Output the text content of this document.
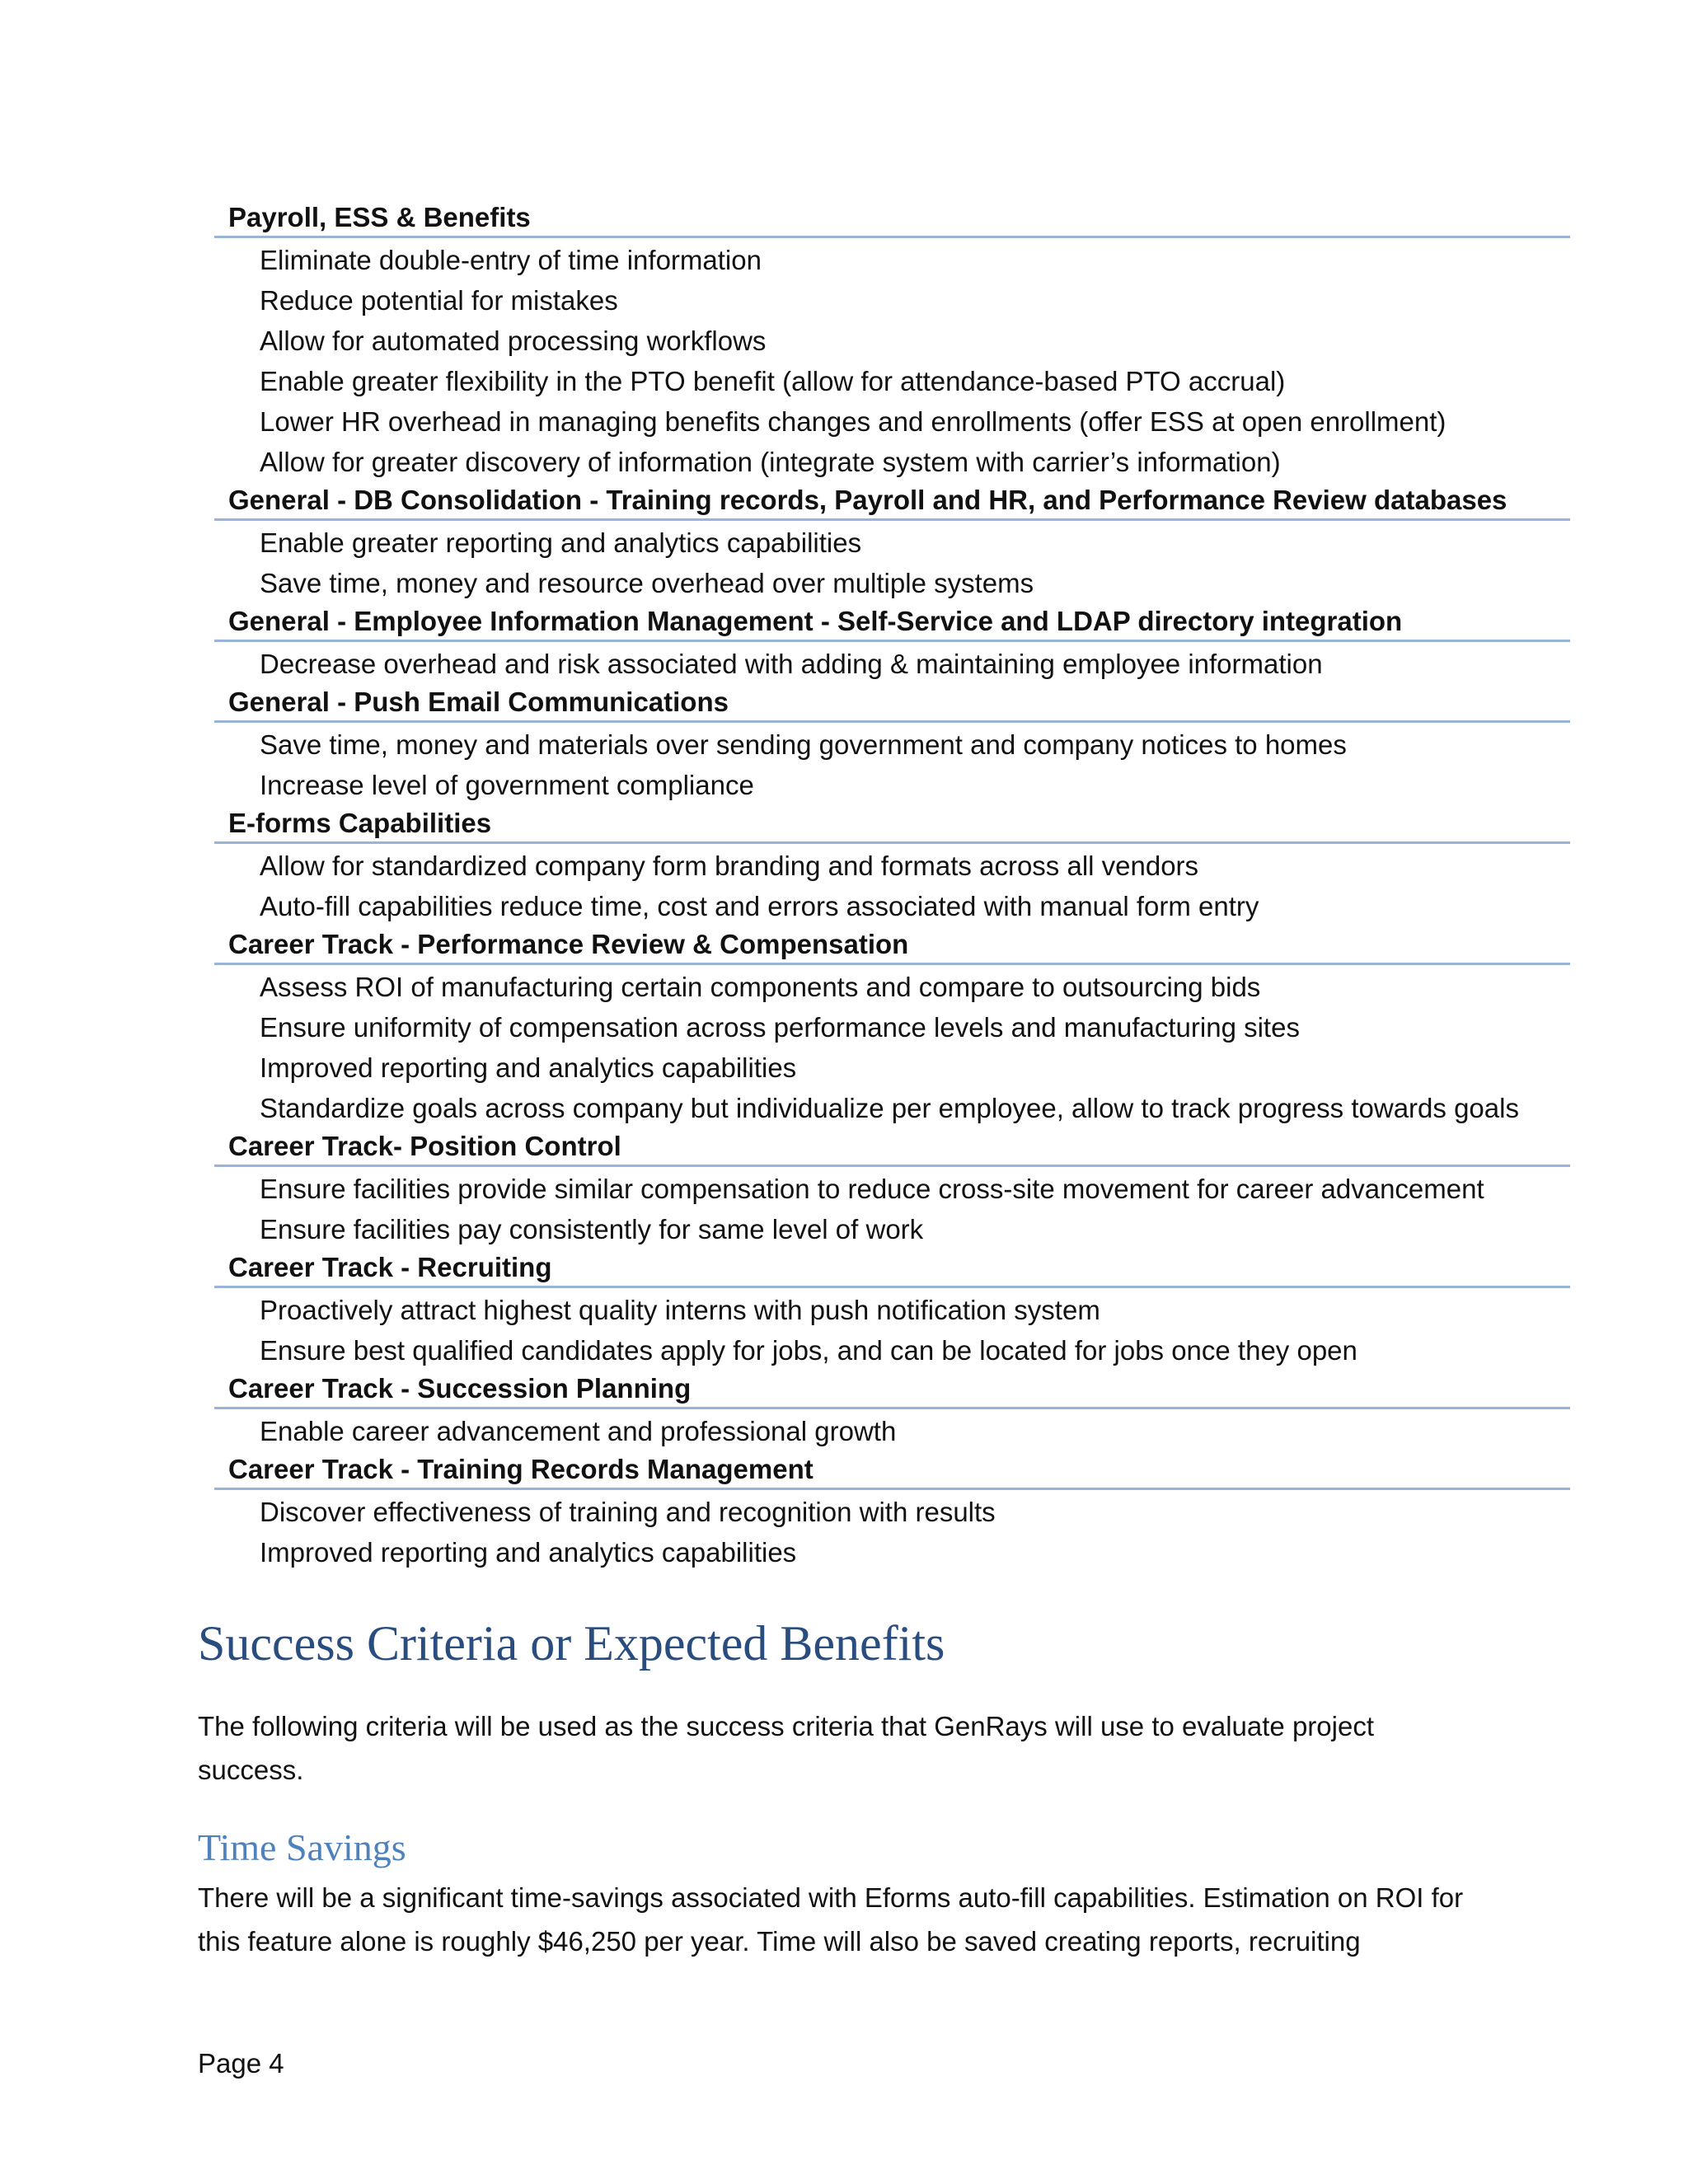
Payroll, ESS & Benefits
Eliminate double-entry of time information
Reduce potential for mistakes
Allow for automated processing workflows
Enable greater flexibility in the PTO benefit (allow for attendance-based PTO accrual)
Lower HR overhead in managing benefits changes and enrollments (offer ESS at open enrollment)
Allow for greater discovery of information (integrate system with carrier’s information)
General - DB Consolidation - Training records, Payroll and HR, and Performance Review databases
Enable greater reporting and analytics capabilities
Save time, money and resource overhead over multiple systems
General - Employee Information Management - Self-Service and LDAP directory integration
Decrease overhead and risk associated with adding & maintaining employee information
General - Push Email Communications
Save time, money and materials over sending government and company notices to homes
Increase level of government compliance
E-forms Capabilities
Allow for standardized company form branding and formats across all vendors
Auto-fill capabilities reduce time, cost and errors associated with manual form entry
Career Track - Performance Review & Compensation
Assess ROI of manufacturing certain components and compare to outsourcing bids
Ensure uniformity of compensation across performance levels and manufacturing sites
Improved reporting and analytics capabilities
Standardize goals across company but individualize per employee, allow to track progress towards goals
Career Track- Position Control
Ensure facilities provide similar compensation to reduce cross-site movement for career advancement
Ensure facilities pay consistently for same level of work
Career Track - Recruiting
Proactively attract highest quality interns with push notification system
Ensure best qualified candidates apply for jobs, and can be located for jobs once they open
Career Track - Succession Planning
Enable career advancement and professional growth
Career Track - Training Records Management
Discover effectiveness of training and recognition with results
Improved reporting and analytics capabilities
Success Criteria or Expected Benefits
The following criteria will be used as the success criteria that GenRays will use to evaluate project success.
Time Savings
There will be a significant time-savings associated with Eforms auto-fill capabilities. Estimation on ROI for this feature alone is roughly $46,250 per year. Time will also be saved creating reports, recruiting
Page 4
